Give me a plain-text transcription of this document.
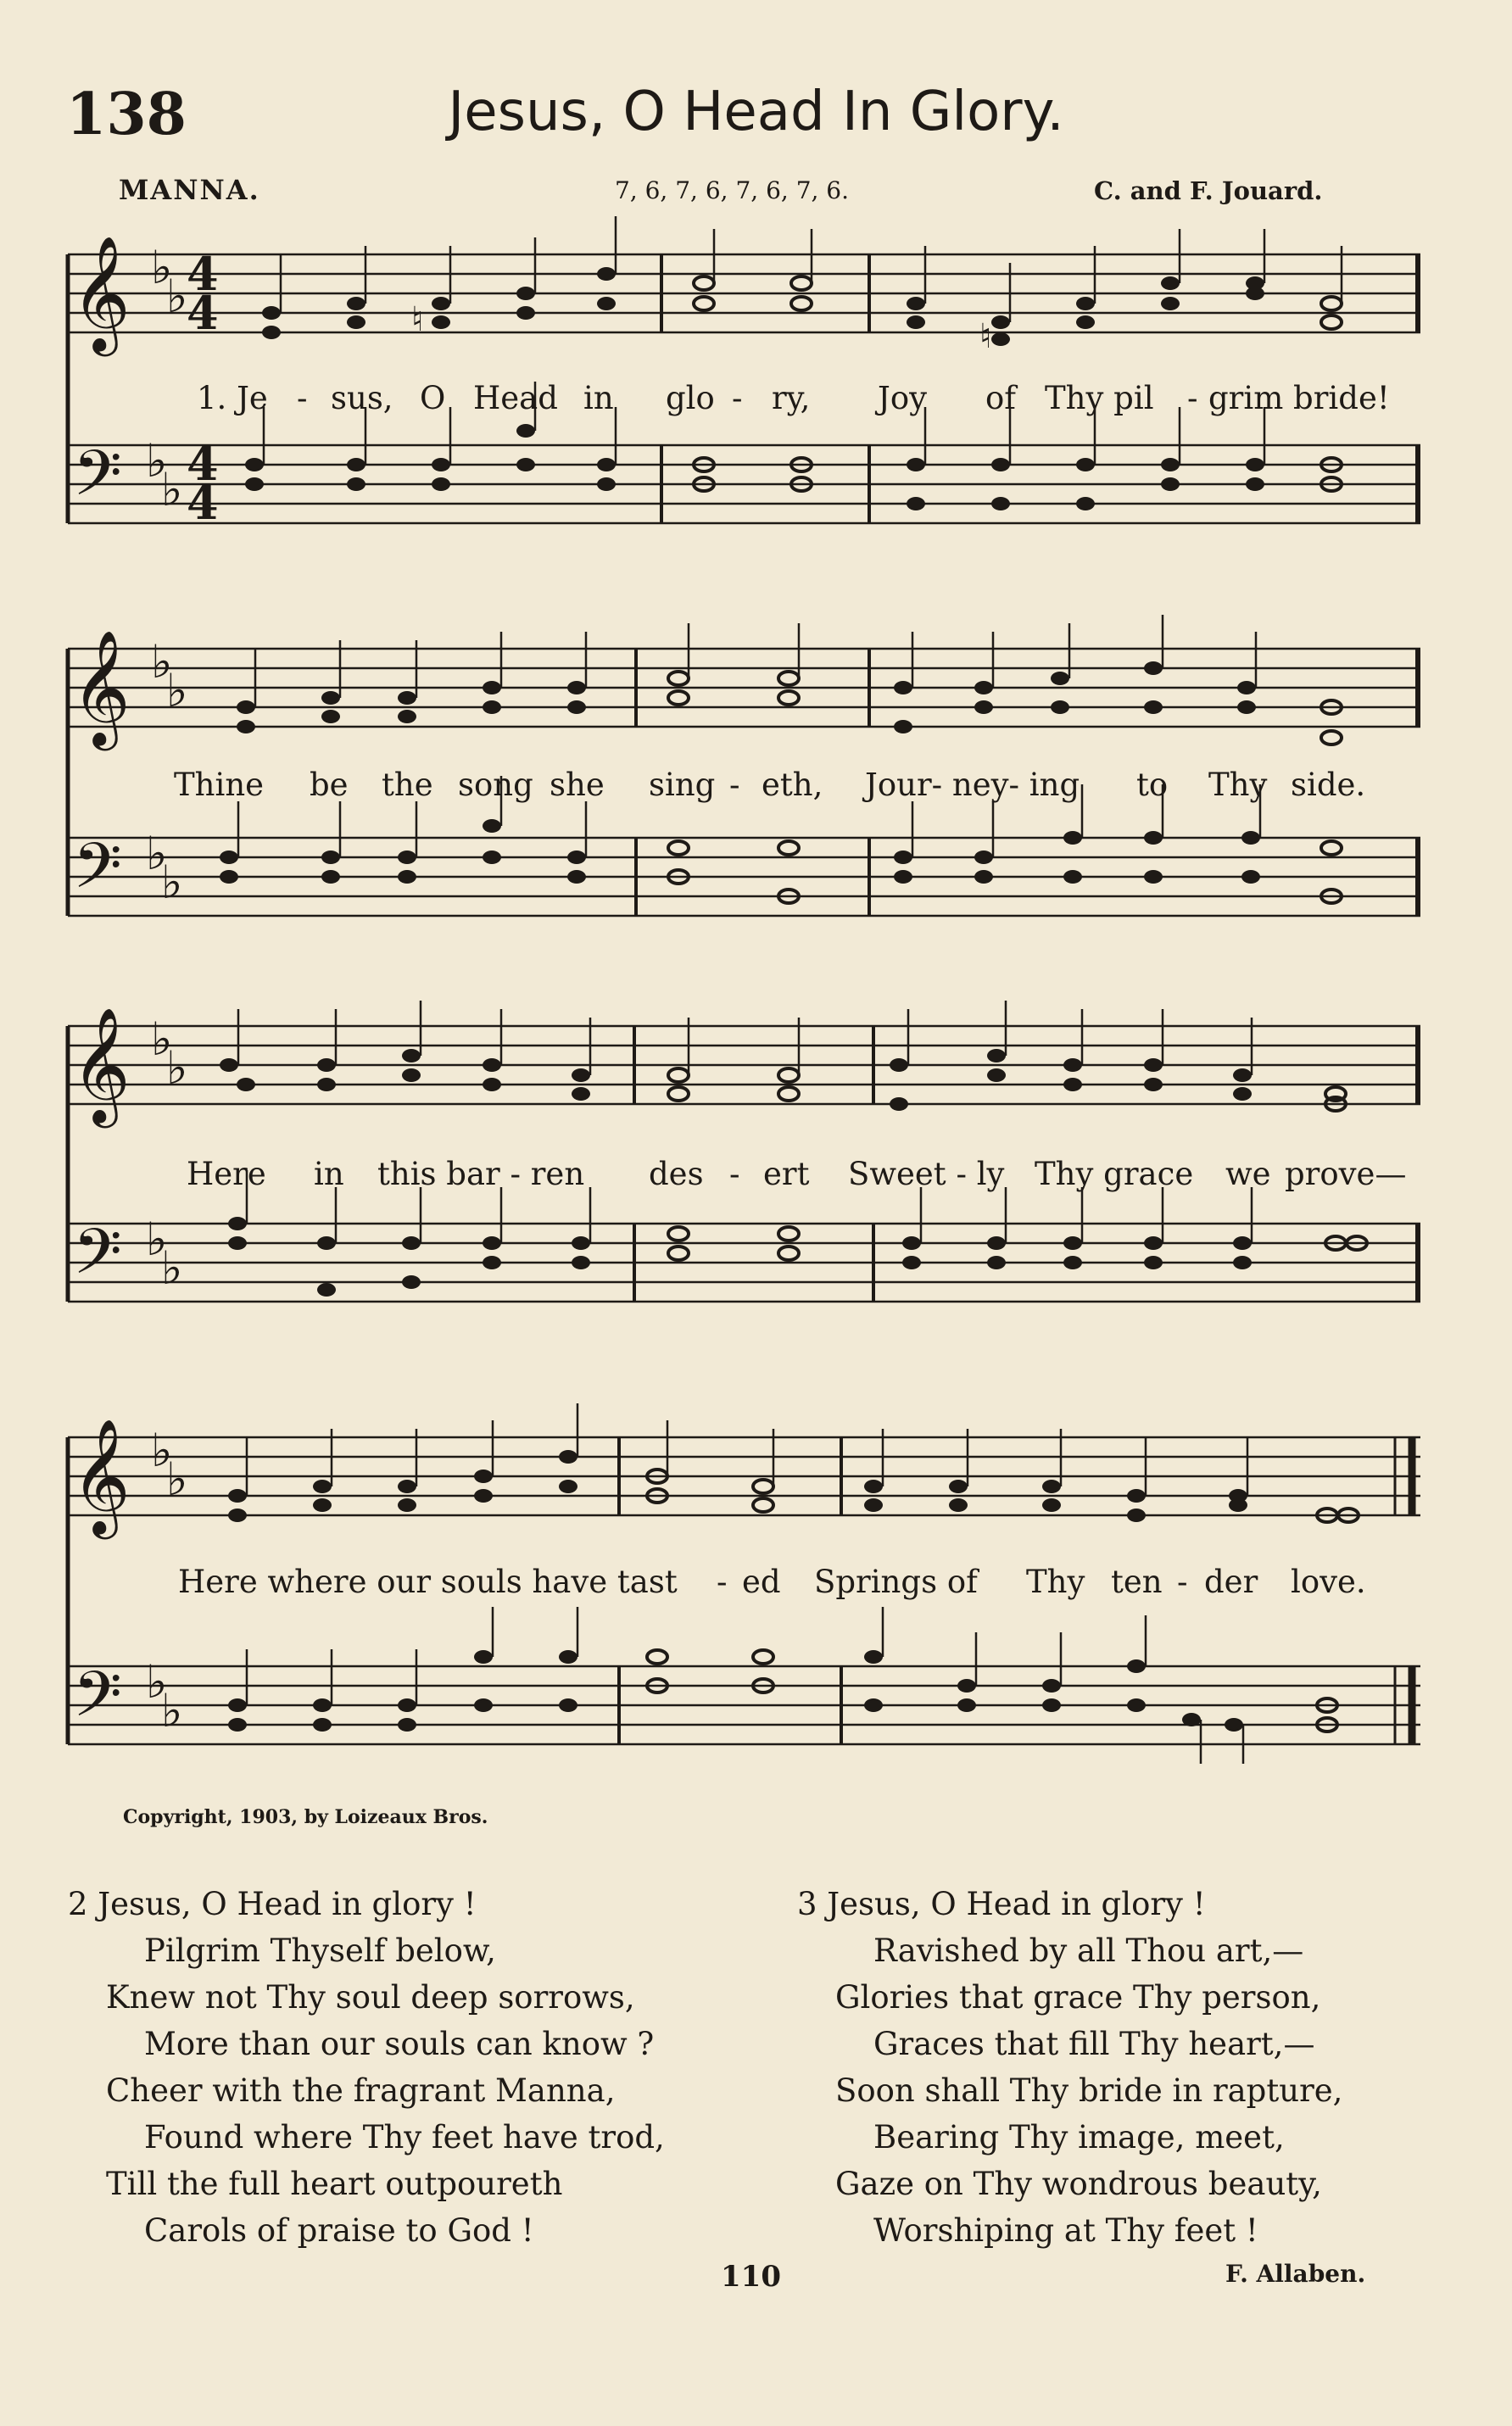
138	Jesus, O Head In Glory.
MANNA.	7, 6, 7, 6, 7, 6, 7, 6.	C. and F. Jouard.
𝄞
𝄢
♭
♭
♭
♭
4
4
4
4
♮	♮
1. Je - sus, O Head in glo - ry, Joy of Thy pil - grim bride!
𝄞
𝄢
♭
♭
♭
♭
Thine be the song she sing - eth, Jour- ney- ing to Thy side.
𝄞
𝄢
♭
♭
♭
♭
Here in this bar - ren des - ert Sweet - ly Thy grace we prove—
𝄞
𝄢
♭
♭
♭
♭
Here where our souls have tast - ed Springs of Thy ten - der love.
Copyright, 1903, by Loizeaux Bros.
2 Jesus, O Head in glory !
Pilgrim Thyself below,
Knew not Thy soul deep sorrows,
More than our souls can know ?
Cheer with the fragrant Manna,
Found where Thy feet have trod,
Till the full heart outpoureth
Carols of praise to God !
3 Jesus, O Head in glory !
Ravished by all Thou art,—
Glories that grace Thy person,
Graces that fill Thy heart,—
Soon shall Thy bride in rapture,
Bearing Thy image, meet,
Gaze on Thy wondrous beauty,
Worshiping at Thy feet !
110	F. Allaben.
